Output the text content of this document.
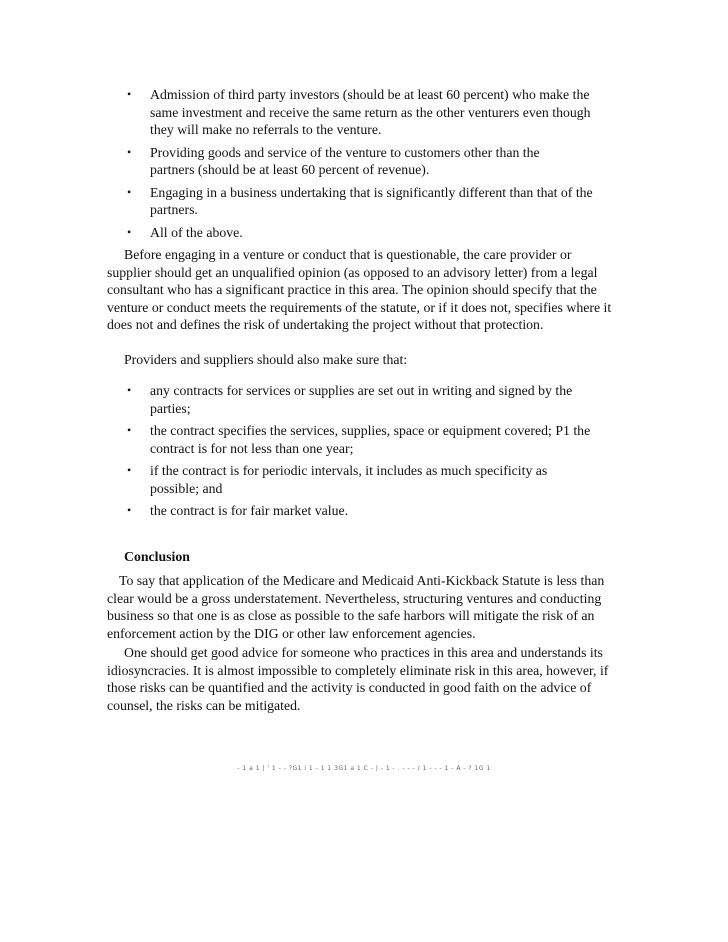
• Admission of third party investors (should be at least 60 percent) who make the same investment and receive the same return as the other venturers even though they will make no referrals to the venture.
• Providing goods and service of the venture to customers other than the partners (should be at least 60 percent of revenue).
• Engaging in a business undertaking that is significantly different than that of the partners.
• All of the above.

Before engaging in a venture or conduct that is questionable, the care provider or supplier should get an unqualified opinion (as opposed to an advisory letter) from a legal consultant who has a significant practice in this area. The opinion should specify that the venture or conduct meets the requirements of the statute, or if it does not, specifies where it does not and defines the risk of undertaking the project without that protection.

Providers and suppliers should also make sure that:

• any contracts for services or supplies are set out in writing and signed by the parties;
• the contract specifies the services, supplies, space or equipment covered; P1 the contract is for not less than one year;
• if the contract is for periodic intervals, it includes as much specificity as possible; and
• the contract is for fair market value.
Conclusion

To say that application of the Medicare and Medicaid Anti-Kickback Statute is less than clear would be a gross understatement. Nevertheless, structuring ventures and conducting business so that one is as close as possible to the safe harbors will mitigate the risk of an enforcement action by the DIG or other law enforcement agencies.

One should get good advice for someone who practices in this area and understands its idiosyncracies. It is almost impossible to completely eliminate risk in this area, however, if those risks can be quantified and the activity is conducted in good faith on the advice of counsel, the risks can be mitigated.

- 1 a 1 | ' 1 - - ?G1 i 1 - 1 1 3G1 a 1 C - | - 1 - . - - - / 1 - - - 1 - A - ? 1G 1
